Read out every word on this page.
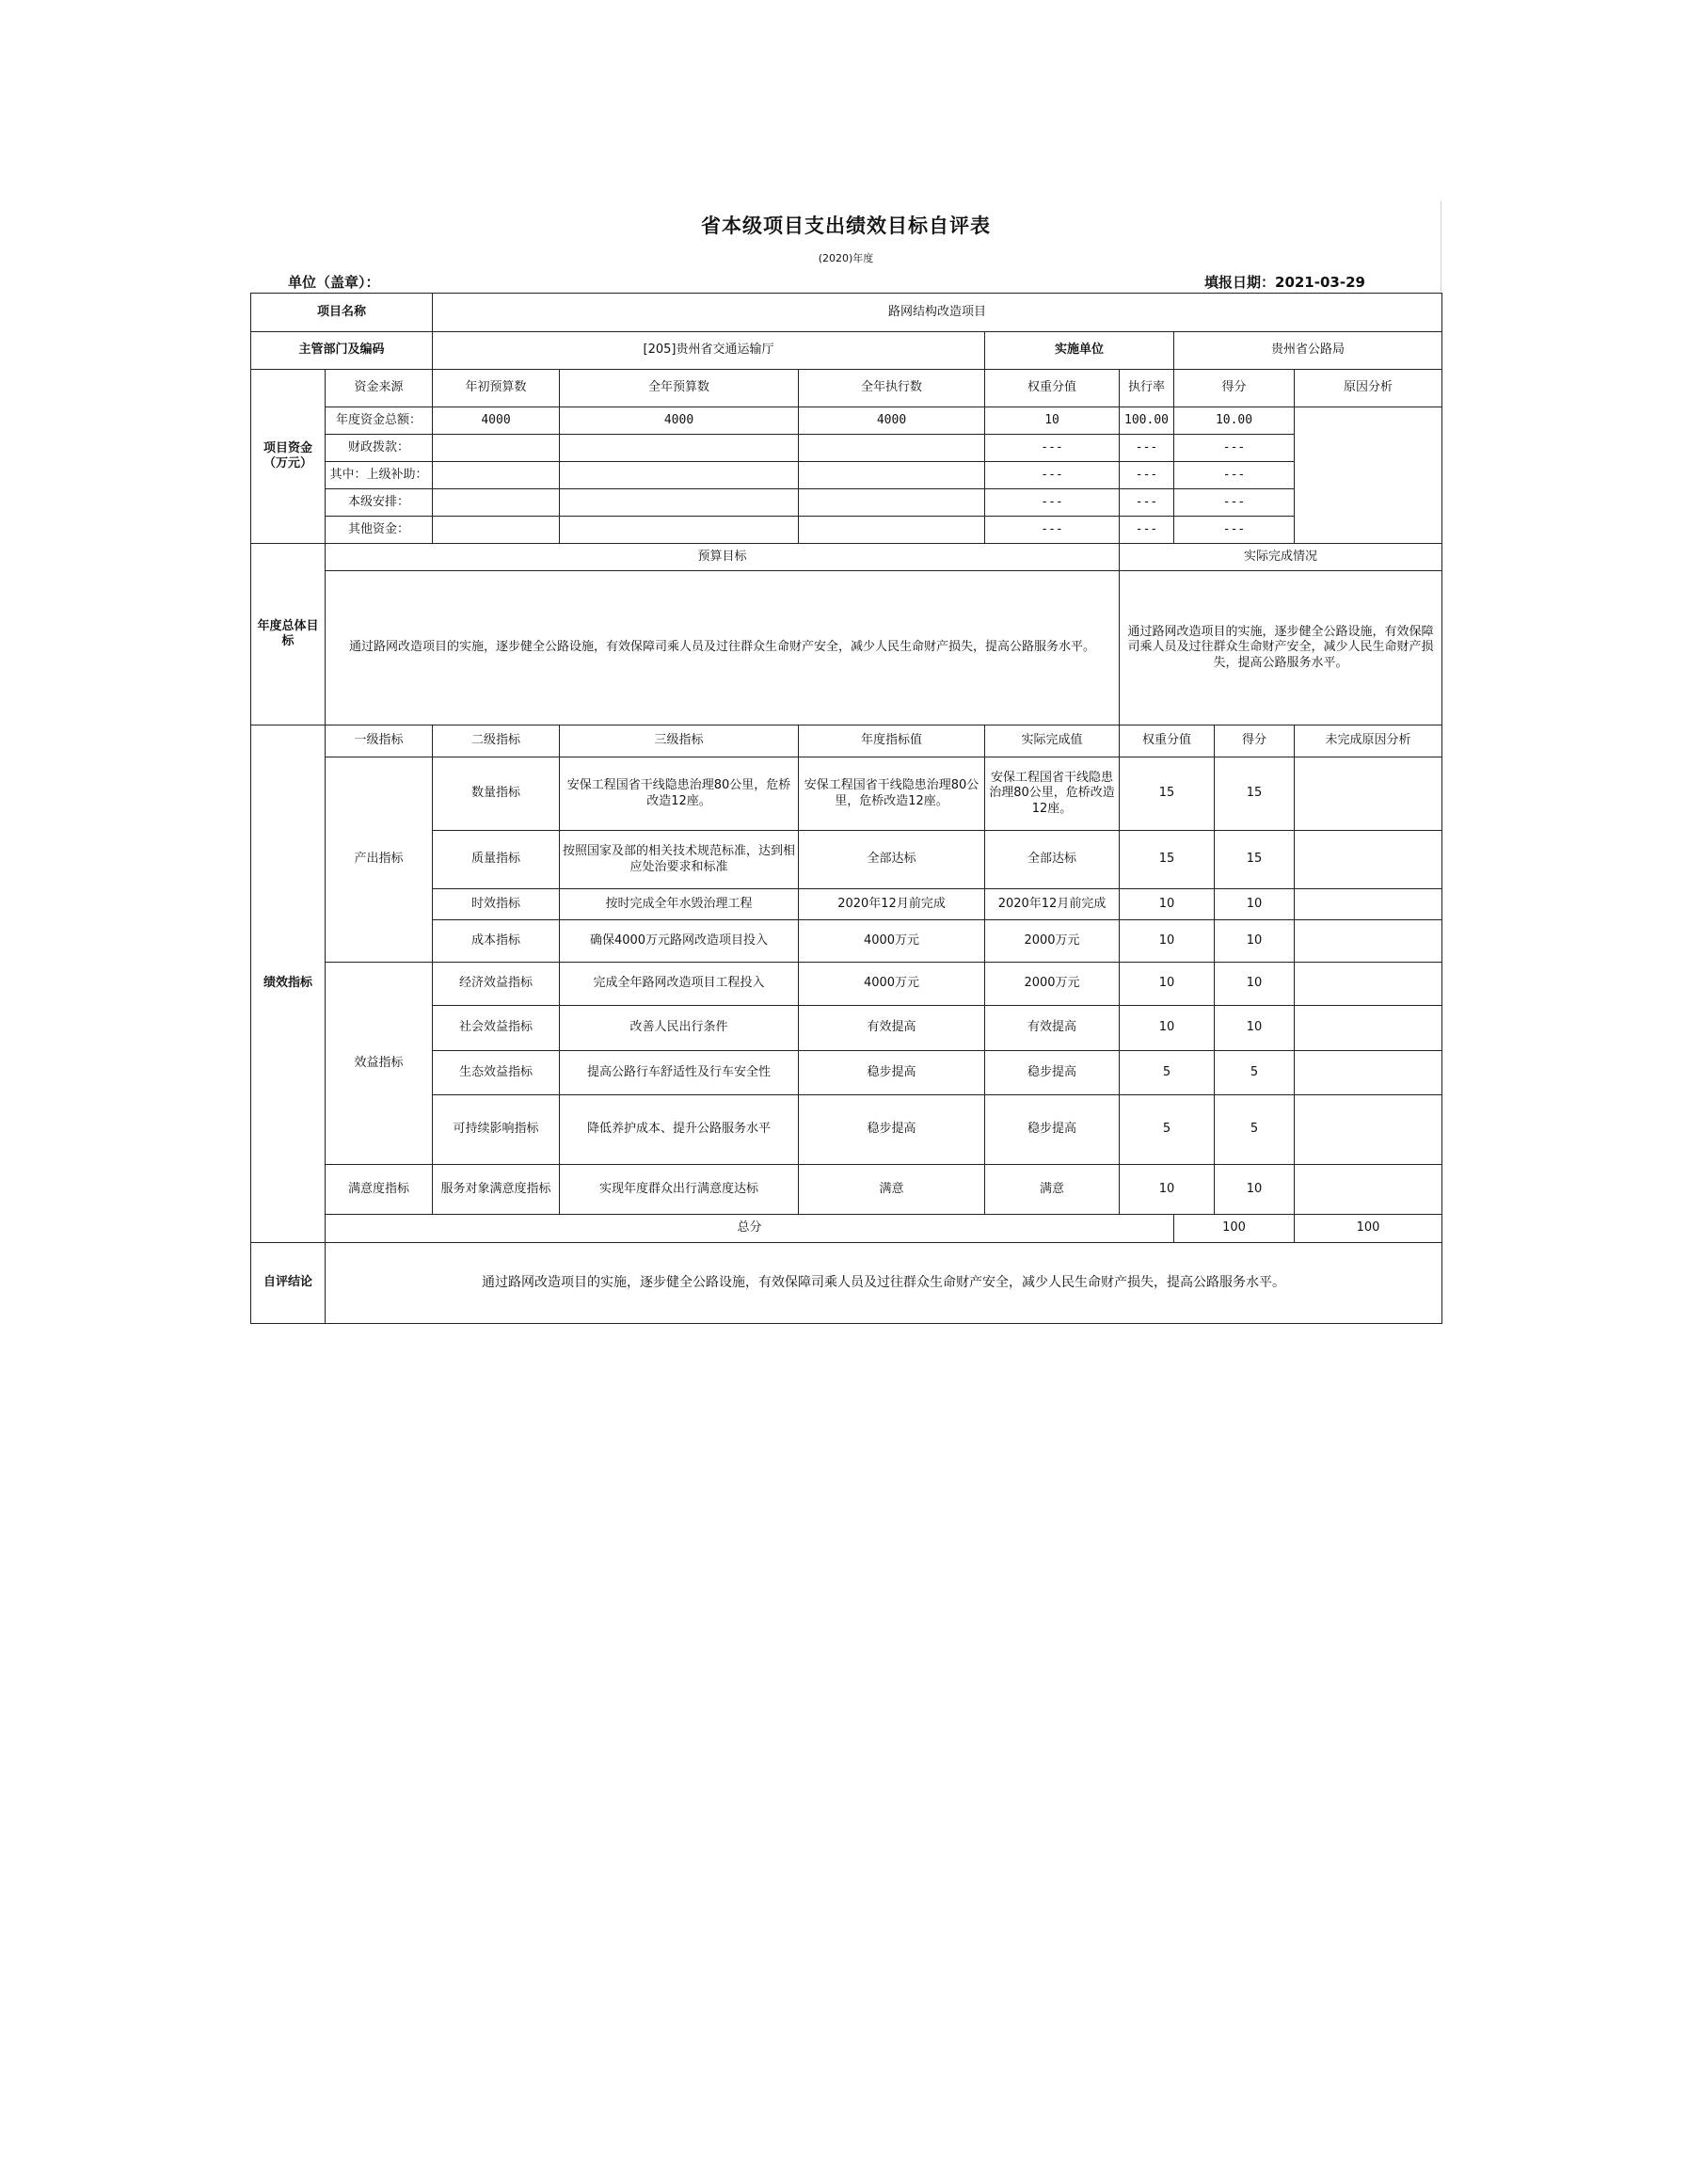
省本级项目支出绩效目标自评表
(2020)年度
单位（盖章）：	填报日期：2021-03-29
项目名称		路网结构改造项目								
主管部门及编码		[205]贵州省交通运输厅			实施单位		贵州省公路局			
项目资金（万元）	资金来源	年初预算数	全年预算数	全年执行数	权重分值	执行率	得分		原因分析	
	年度资金总额：	4000	4000	4000	10	100.00	10.00			
	财政拨款：				---	---	---			
	其中：上级补助：				---	---	---			
	本级安排：				---	---	---			
	其他资金：				---	---	---			
年度总体目标	预算目标					实际完成情况				
	通过路网改造项目的实施，逐步健全公路设施，有效保障司乘人员及过往群众生命财产安全，减少人民生命财产损失，提高公路服务水平。					通过路网改造项目的实施，逐步健全公路设施，有效保障司乘人员及过往群众生命财产安全，减少人民生命财产损失，提高公路服务水平。				
绩效指标	一级指标	二级指标	三级指标	年度指标值	实际完成值	权重分值		得分	未完成原因分析	
	产出指标	数量指标	安保工程国省干线隐患治理80公里，危桥改造12座。	安保工程国省干线隐患治理80公里，危桥改造12座。	安保工程国省干线隐患治理80公里，危桥改造12座。	15		15		
		质量指标	按照国家及部的相关技术规范标准，达到相应处治要求和标准	全部达标	全部达标	15		15		
		时效指标	按时完成全年水毁治理工程	2020年12月前完成	2020年12月前完成	10		10		
		成本指标	确保4000万元路网改造项目投入	4000万元	2000万元	10		10		
	效益指标	经济效益指标	完成全年路网改造项目工程投入	4000万元	2000万元	10		10		
		社会效益指标	改善人民出行条件	有效提高	有效提高	10		10		
		生态效益指标	提高公路行车舒适性及行车安全性	稳步提高	稳步提高	5		5		
		可持续影响指标	降低养护成本、提升公路服务水平	稳步提高	稳步提高	5		5		
	满意度指标	服务对象满意度指标	实现年度群众出行满意度达标	满意	满意	10		10		
	总分						100		100	
自评结论	通过路网改造项目的实施，逐步健全公路设施，有效保障司乘人员及过往群众生命财产安全，减少人民生命财产损失，提高公路服务水平。									
